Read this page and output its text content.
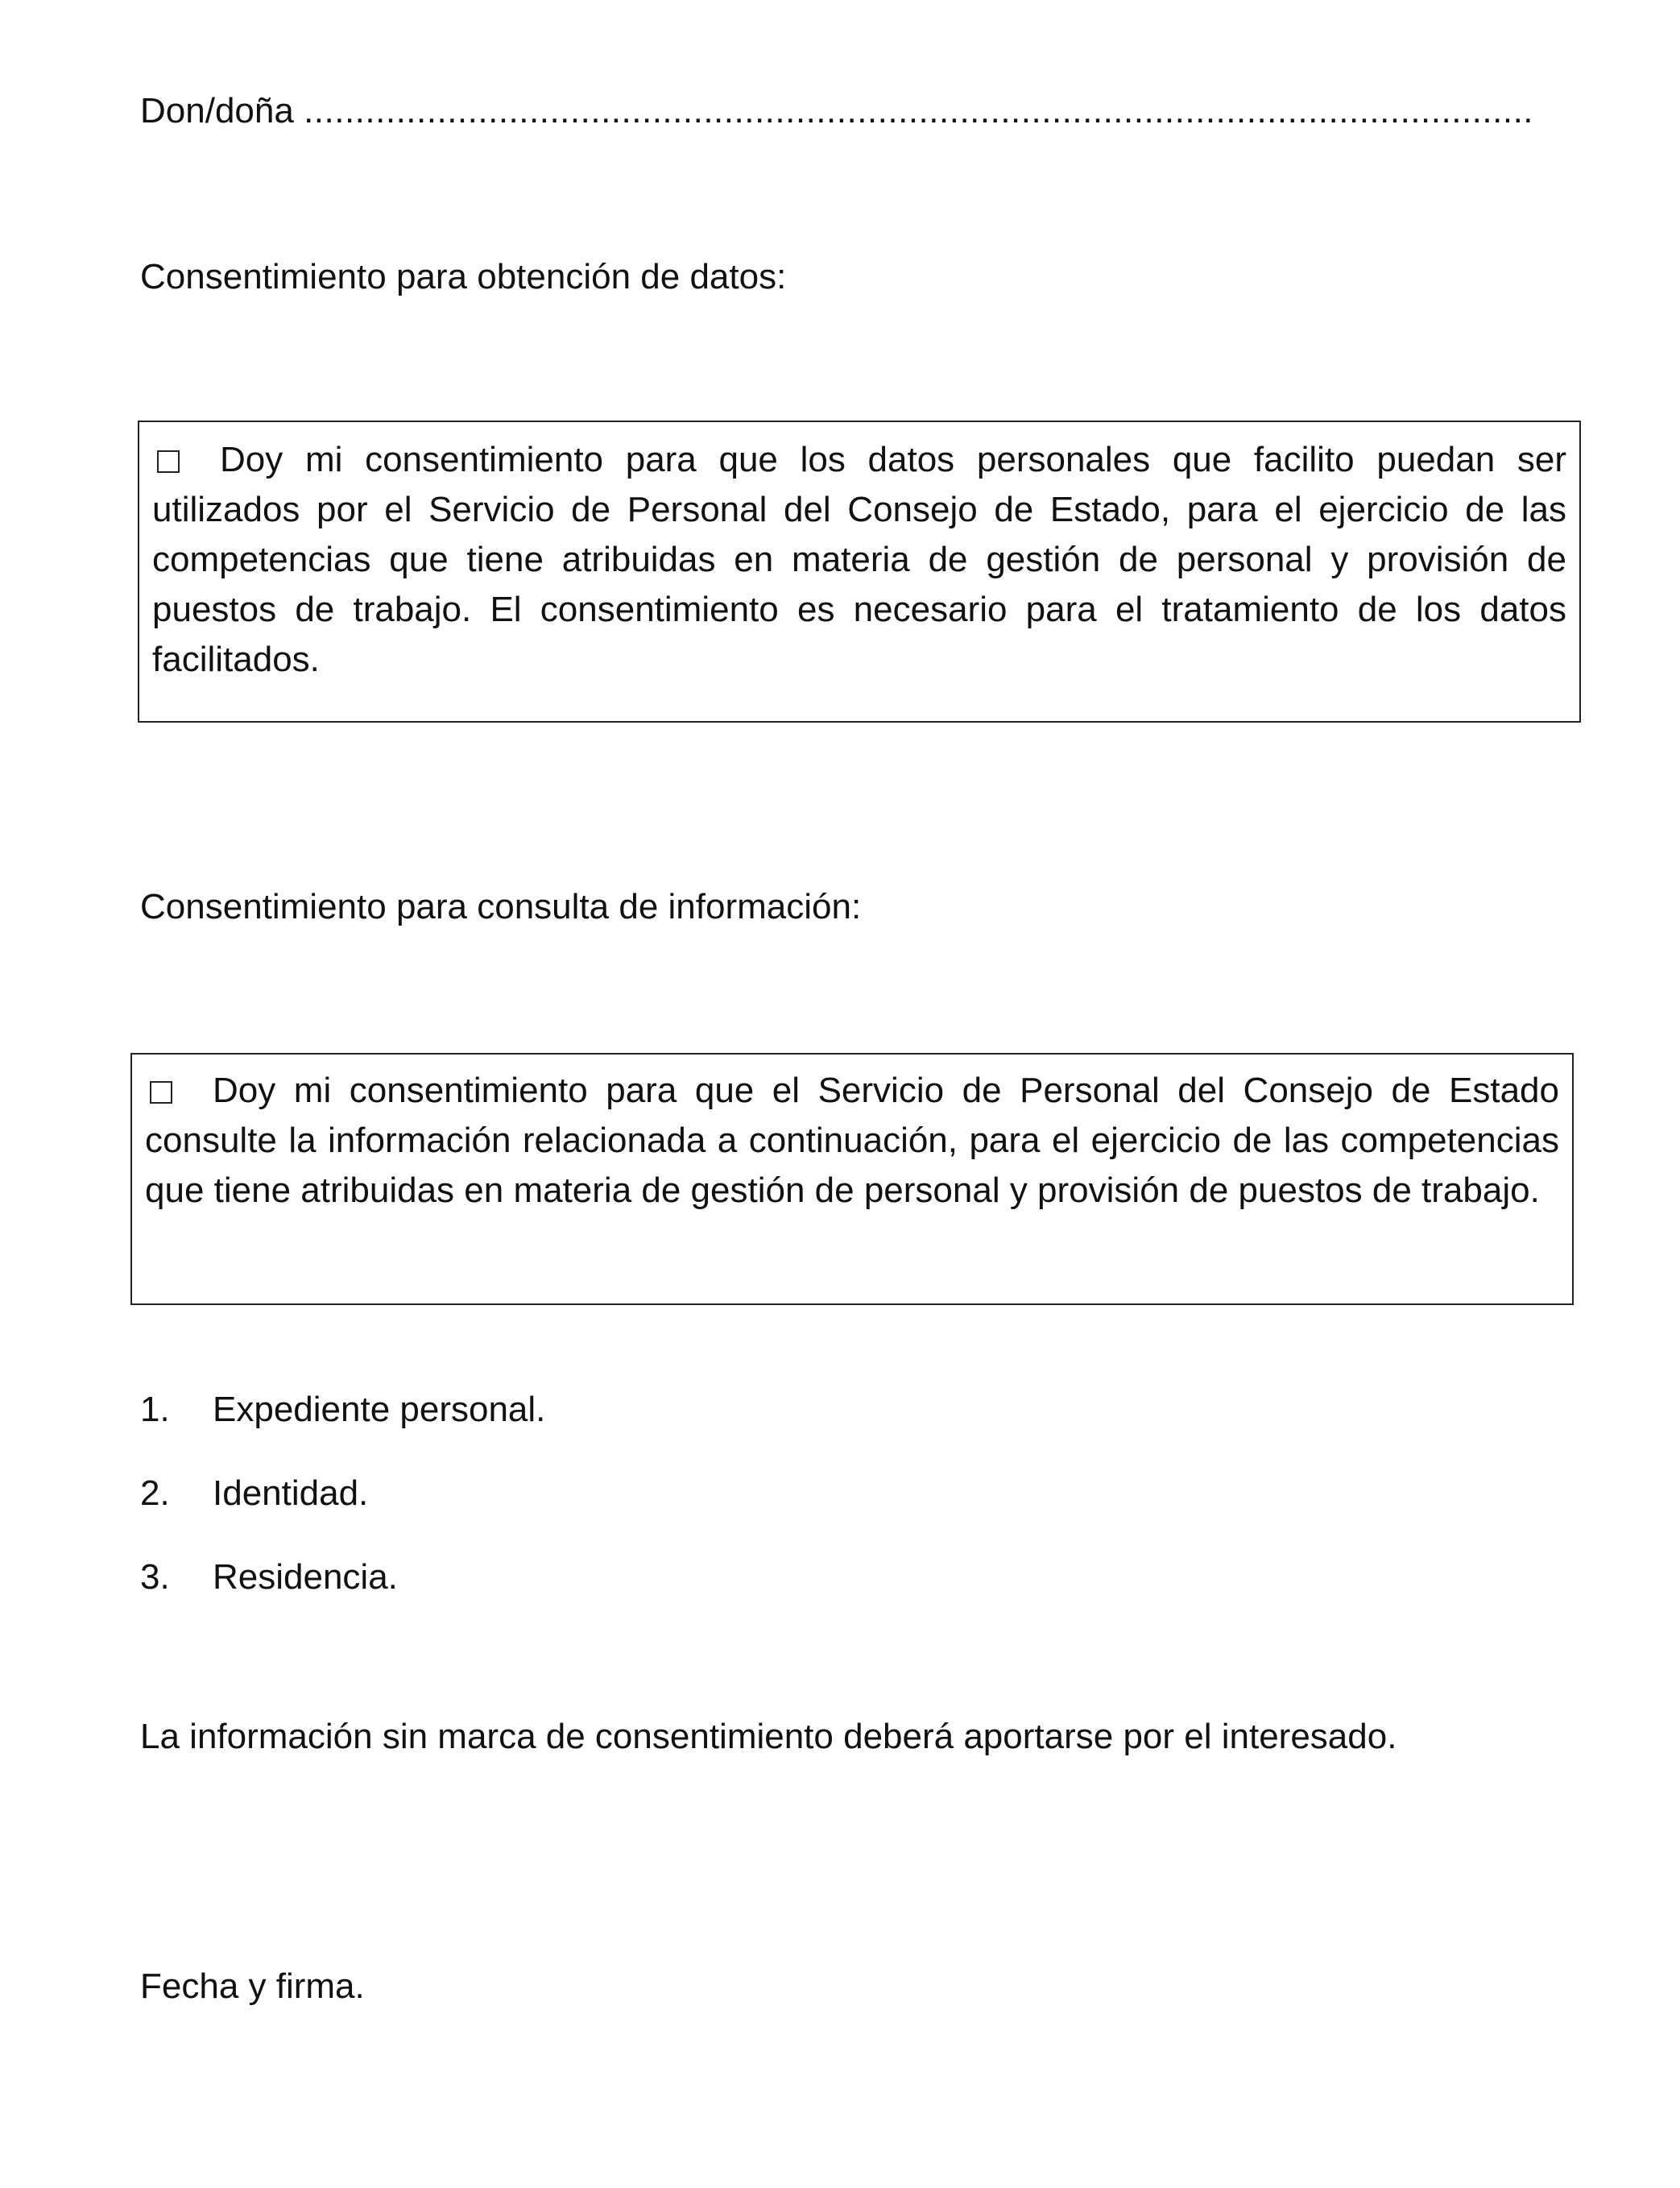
Don/doña ........................................................................................................................
Consentimiento para obtención de datos:

Doy mi consentimiento para que los datos personales que facilito puedan ser utilizados por el Servicio de Personal del Consejo de Estado, para el ejercicio de las competencias que tiene atribuidas en materia de gestión de personal y provisión de puestos de trabajo. El consentimiento es necesario para el tratamiento de los datos facilitados.

Consentimiento para consulta de información:

Doy mi consentimiento para que el Servicio de Personal del Consejo de Estado consulte la información relacionada a continuación, para el ejercicio de las competencias que tiene atribuidas en materia de gestión de personal y provisión de puestos de trabajo.

1. Expediente personal.
2. Identidad.
3. Residencia.
La información sin marca de consentimiento deberá aportarse por el interesado.
Fecha y firma.
